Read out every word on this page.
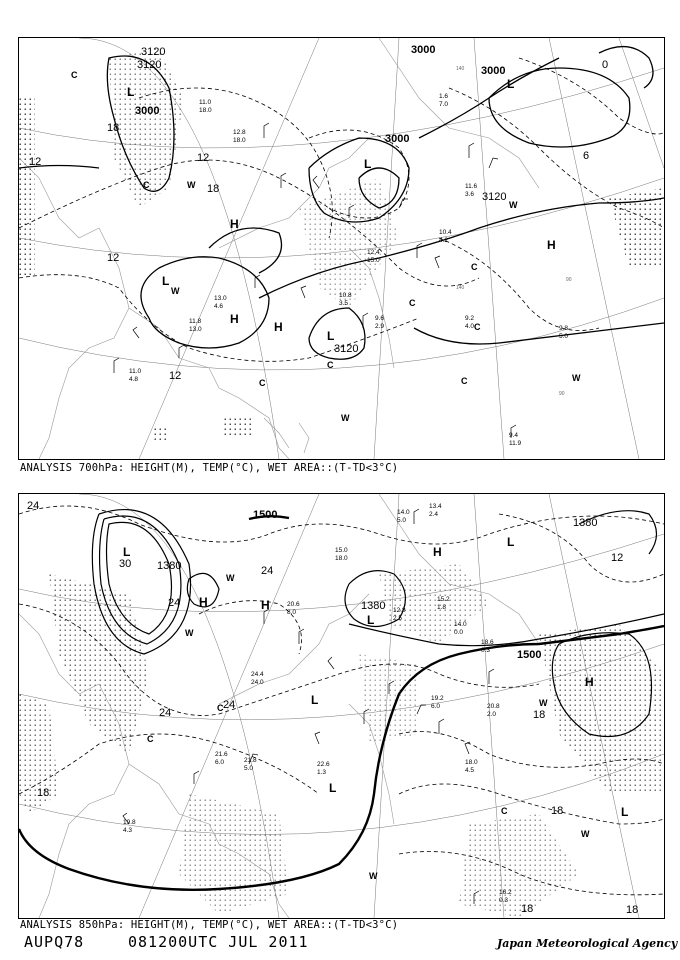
140
140
90
90
L
L
L
L
L
H
H
H
H
W
W
W
W
W
C
C
C
C
C
C
C	C
3120
3120
3000
3000
3000
3000
3120
3120
12	12
12
18
12
18
6
0
11.0
18.0
12.8
18.0
9.4
11.9
11.6
3.6
10.4
4.2
9.2
4.0	9.8
5.0
13.0
4.6
11.8
13.0
1.6
7.0
10.8
3.5
9.6
2.9
12.4
15.0
11.0
4.8
ANALYSIS 700hPa: HEIGHT(M), TEMP(°C), WET AREA::(T-TD<3°C)
L
L
L
L
L
L
H	H
H
H
W
W
W
W
W
C
C
C
1500
1500
1380
1380
1380
24
30
24
24
24
24
18
12
18
18
18	18
14.0
5.0
13.4
2.4
15.0
18.0
12.8
2.5
15.2
1.8
14.0
0.0
18.6
0.3
20.8
2.0
18.0
4.5
19.2
6.0
21.8
5.0
21.6
6.0	22.6
1.3
19.8
4.3
16.2
0.3
24.4
24.0
20.6
8.0
ANALYSIS 850hPa: HEIGHT(M), TEMP(°C), WET AREA::(T-TD<3°C)
AUPQ78	081200UTC JUL 2011	Japan Meteorological Agency
